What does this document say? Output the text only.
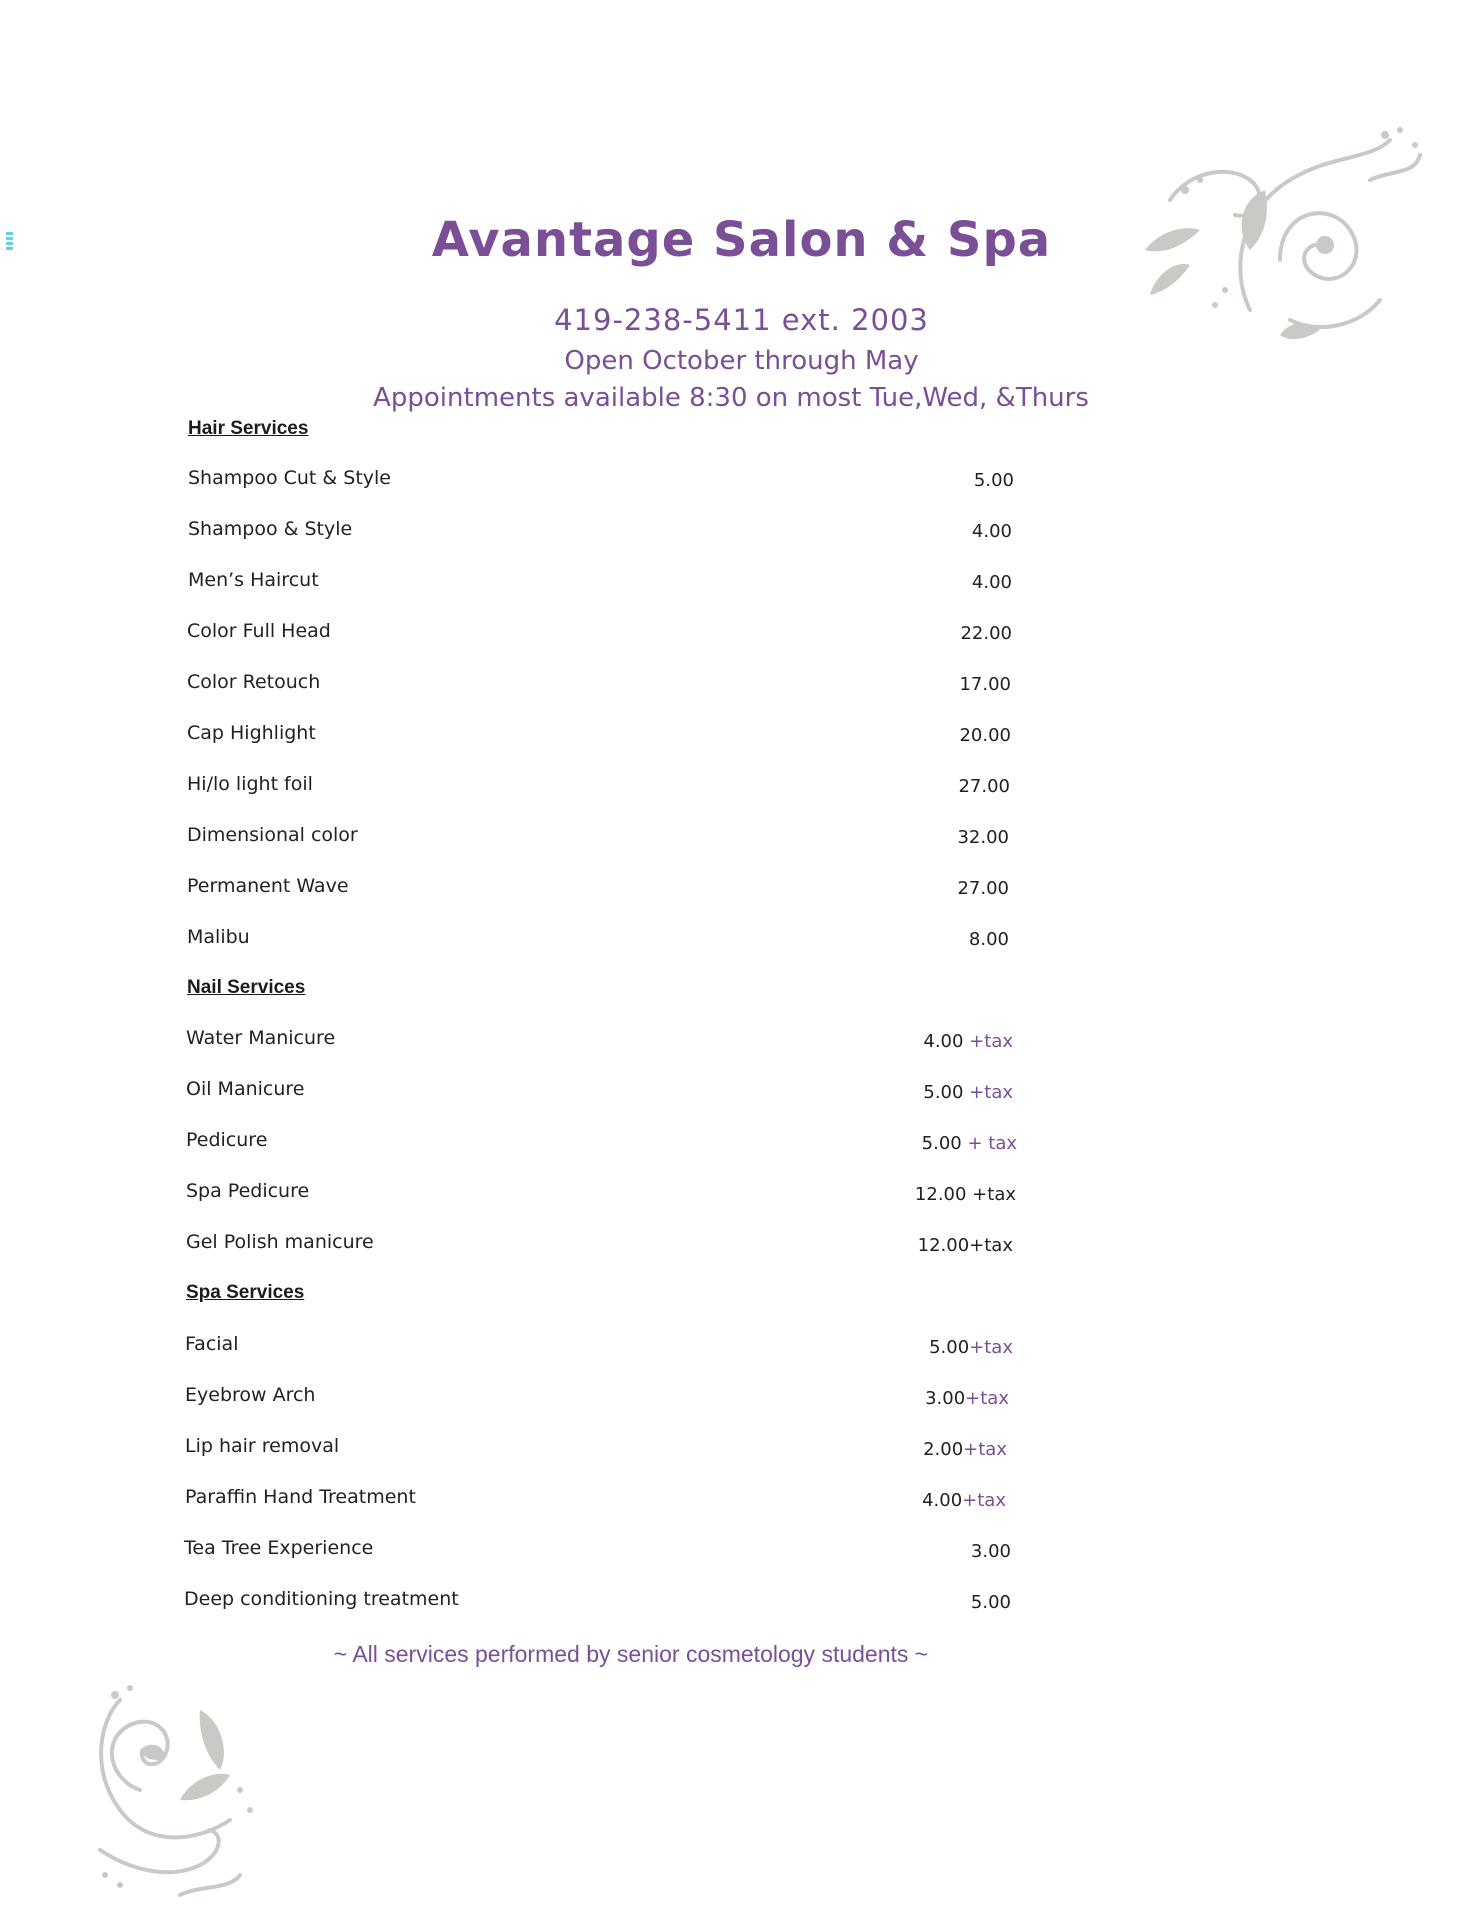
Avantage Salon & Spa
419-238-5411 ext. 2003
Open October through May
Appointments available 8:30 on most Tue,Wed, &Thurs
Hair Services
Shampoo Cut & Style	5.00
Shampoo & Style	4.00
Men’s Haircut	4.00
Color Full Head	22.00
Color Retouch	17.00
Cap Highlight	20.00
Hi/lo light foil	27.00
Dimensional color	32.00
Permanent Wave	27.00
Malibu	8.00
Nail Services
Water Manicure	4.00 +tax
Oil Manicure	5.00 +tax
Pedicure	5.00 + tax
Spa Pedicure	12.00 +tax
Gel Polish manicure	12.00+tax
Spa Services
Facial	5.00+tax
Eyebrow Arch	3.00+tax
Lip hair removal	2.00+tax
Paraffin Hand Treatment	4.00+tax
Tea Tree Experience	3.00
Deep conditioning treatment	5.00
~ All services performed by senior cosmetology students ~
